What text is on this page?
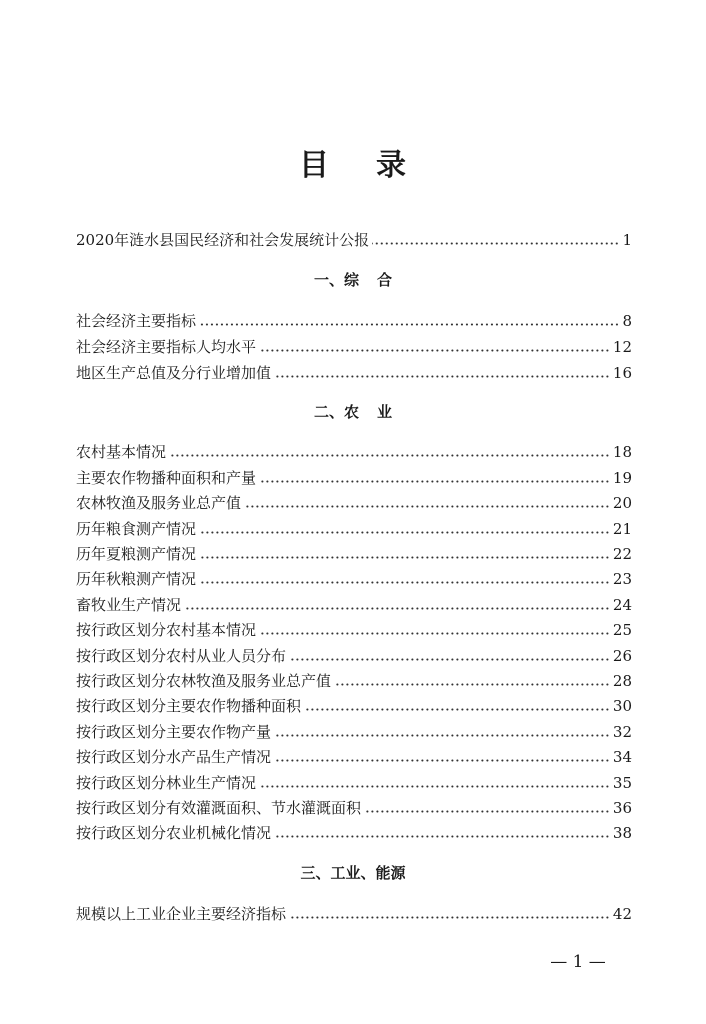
目 录
2020年涟水县国民经济和社会发展统计公报	1
一、综 合
社会经济主要指标	8
社会经济主要指标人均水平	12
地区生产总值及分行业增加值	16
二、农 业
农村基本情况	18
主要农作物播种面积和产量	19
农林牧渔及服务业总产值	20
历年粮食测产情况	21
历年夏粮测产情况	22
历年秋粮测产情况	23
畜牧业生产情况	24
按行政区划分农村基本情况	25
按行政区划分农村从业人员分布	26
按行政区划分农林牧渔及服务业总产值	28
按行政区划分主要农作物播种面积	30
按行政区划分主要农作物产量	32
按行政区划分水产品生产情况	34
按行政区划分林业生产情况	35
按行政区划分有效灌溉面积、节水灌溉面积	36
按行政区划分农业机械化情况	38
三、工业、能源
规模以上工业企业主要经济指标	42
— 1 —
